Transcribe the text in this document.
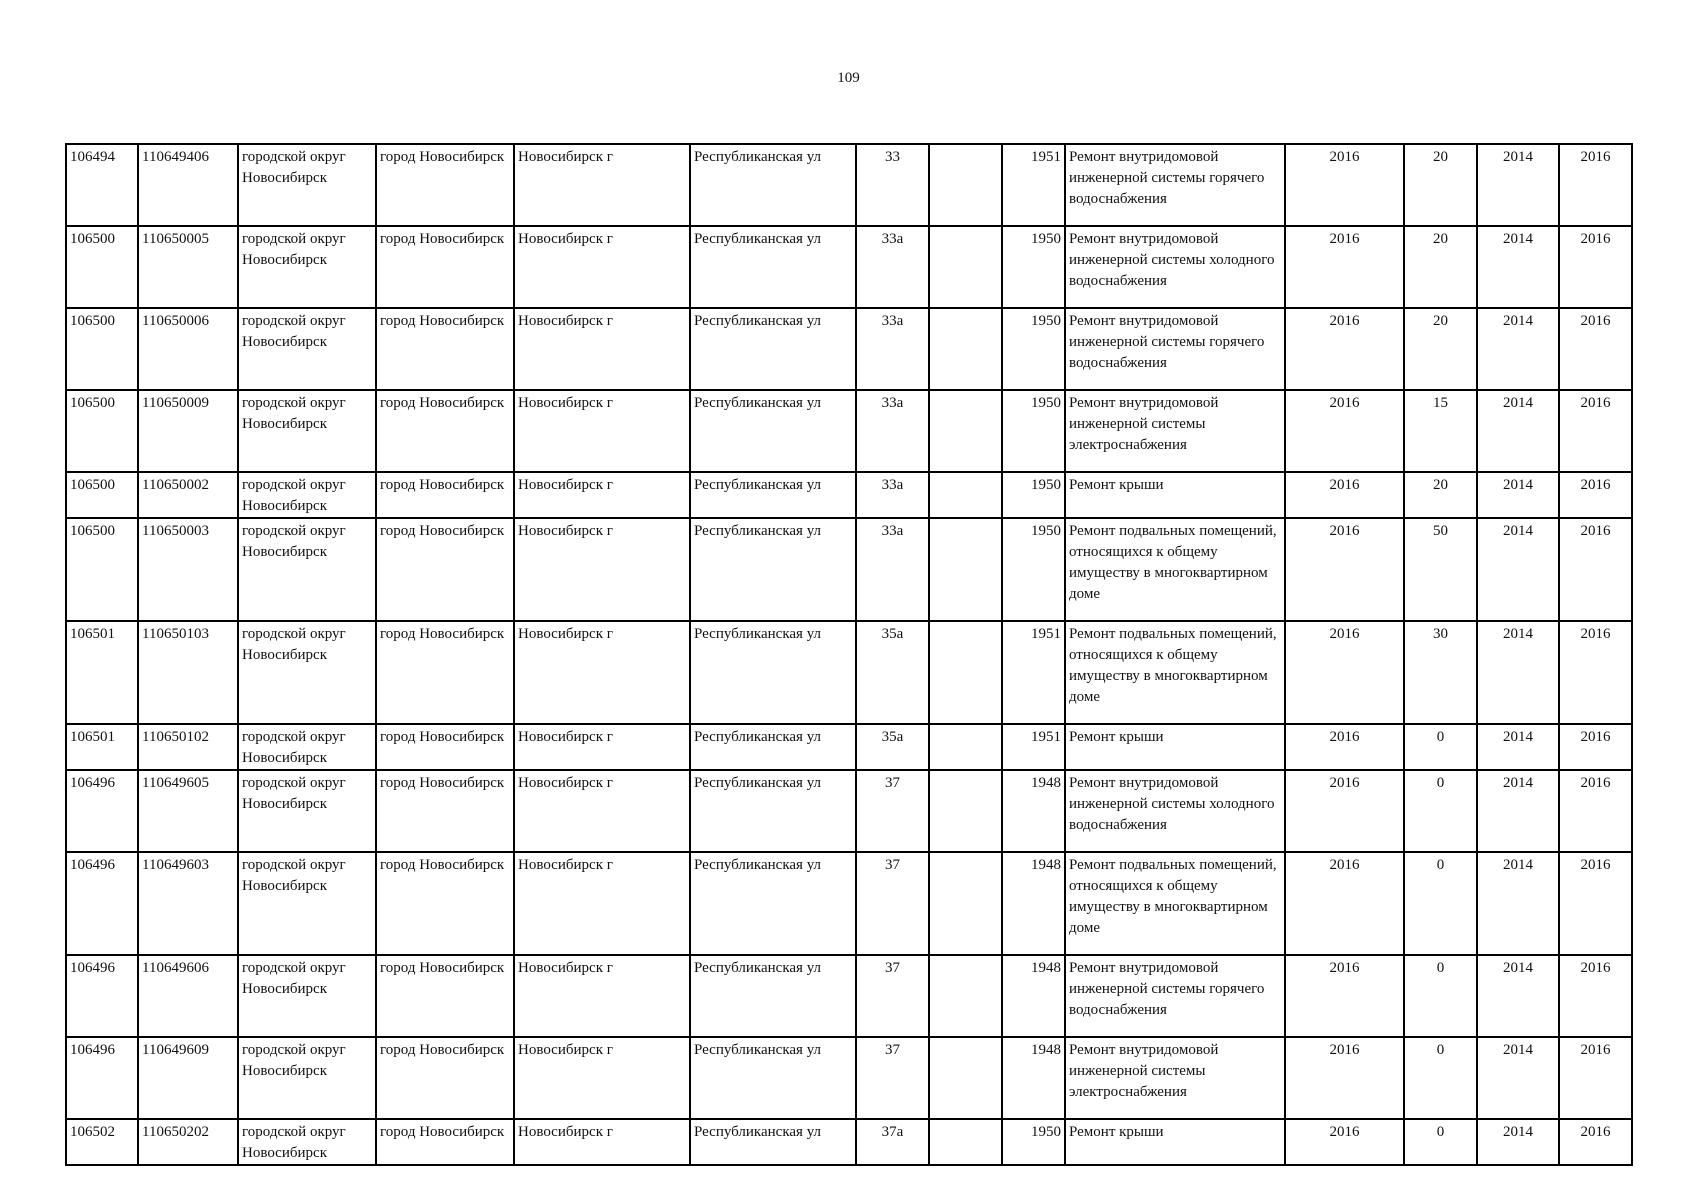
109
106494	110649406	городской округ Новосибирск	город Новосибирск	Новосибирск г	Республиканская ул	33		1951	Ремонт внутридомовой инженерной системы горячего водоснабжения	2016	20	2014	2016
106500	110650005	городской округ Новосибирск	город Новосибирск	Новосибирск г	Республиканская ул	33а		1950	Ремонт внутридомовой инженерной системы холодного водоснабжения	2016	20	2014	2016
106500	110650006	городской округ Новосибирск	город Новосибирск	Новосибирск г	Республиканская ул	33а		1950	Ремонт внутридомовой инженерной системы горячего водоснабжения	2016	20	2014	2016
106500	110650009	городской округ Новосибирск	город Новосибирск	Новосибирск г	Республиканская ул	33а		1950	Ремонт внутридомовой инженерной системы электроснабжения	2016	15	2014	2016
106500	110650002	городской округ Новосибирск	город Новосибирск	Новосибирск г	Республиканская ул	33а		1950	Ремонт крыши	2016	20	2014	2016
106500	110650003	городской округ Новосибирск	город Новосибирск	Новосибирск г	Республиканская ул	33а		1950	Ремонт подвальных помещений, относящихся к общему имуществу в многоквартирном доме	2016	50	2014	2016
106501	110650103	городской округ Новосибирск	город Новосибирск	Новосибирск г	Республиканская ул	35а		1951	Ремонт подвальных помещений, относящихся к общему имуществу в многоквартирном доме	2016	30	2014	2016
106501	110650102	городской округ Новосибирск	город Новосибирск	Новосибирск г	Республиканская ул	35а		1951	Ремонт крыши	2016	0	2014	2016
106496	110649605	городской округ Новосибирск	город Новосибирск	Новосибирск г	Республиканская ул	37		1948	Ремонт внутридомовой инженерной системы холодного водоснабжения	2016	0	2014	2016
106496	110649603	городской округ Новосибирск	город Новосибирск	Новосибирск г	Республиканская ул	37		1948	Ремонт подвальных помещений, относящихся к общему имуществу в многоквартирном доме	2016	0	2014	2016
106496	110649606	городской округ Новосибирск	город Новосибирск	Новосибирск г	Республиканская ул	37		1948	Ремонт внутридомовой инженерной системы горячего водоснабжения	2016	0	2014	2016
106496	110649609	городской округ Новосибирск	город Новосибирск	Новосибирск г	Республиканская ул	37		1948	Ремонт внутридомовой инженерной системы электроснабжения	2016	0	2014	2016
106502	110650202	городской округ Новосибирск	город Новосибирск	Новосибирск г	Республиканская ул	37а		1950	Ремонт крыши	2016	0	2014	2016
